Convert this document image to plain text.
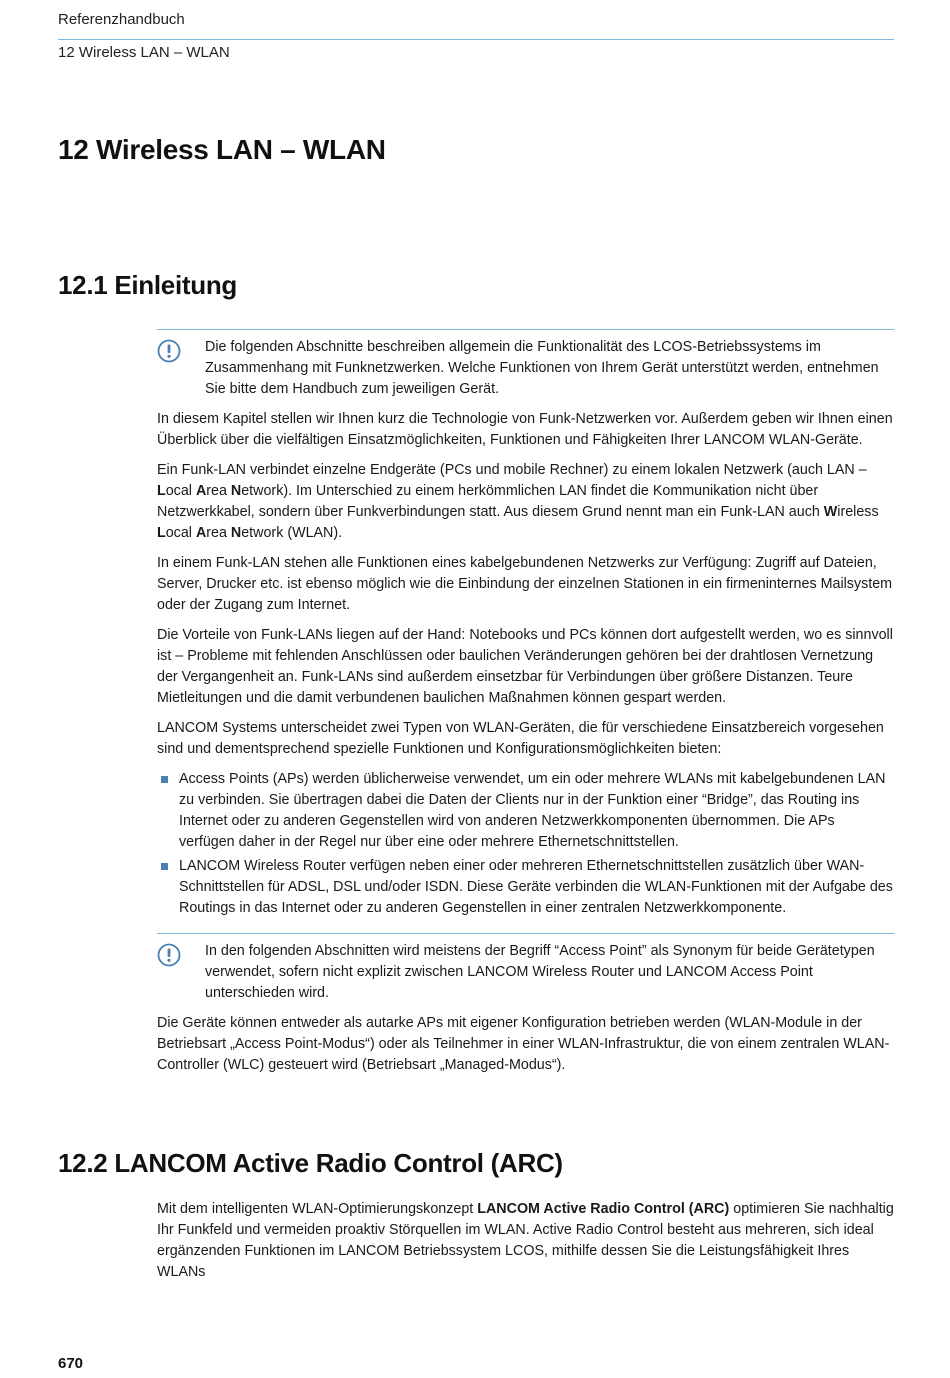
Referenzhandbuch
12 Wireless LAN – WLAN
12 Wireless LAN – WLAN
12.1 Einleitung

Die folgenden Abschnitte beschreiben allgemein die Funktionalität des LCOS-Betriebssystems im Zusammenhang mit Funknetzwerken. Welche Funktionen von Ihrem Gerät unterstützt werden, entnehmen Sie bitte dem Handbuch zum jeweiligen Gerät.

In diesem Kapitel stellen wir Ihnen kurz die Technologie von Funk-Netzwerken vor. Außerdem geben wir Ihnen einen Überblick über die vielfältigen Einsatzmöglichkeiten, Funktionen und Fähigkeiten Ihrer LANCOM WLAN-Geräte.

Ein Funk-LAN verbindet einzelne Endgeräte (PCs und mobile Rechner) zu einem lokalen Netzwerk (auch LAN – Local Area Network). Im Unterschied zu einem herkömmlichen LAN findet die Kommunikation nicht über Netzwerkkabel, sondern über Funkverbindungen statt. Aus diesem Grund nennt man ein Funk-LAN auch Wireless Local Area Network (WLAN).

In einem Funk-LAN stehen alle Funktionen eines kabelgebundenen Netzwerks zur Verfügung: Zugriff auf Dateien, Server, Drucker etc. ist ebenso möglich wie die Einbindung der einzelnen Stationen in ein firmeninternes Mailsystem oder der Zugang zum Internet.

Die Vorteile von Funk-LANs liegen auf der Hand: Notebooks und PCs können dort aufgestellt werden, wo es sinnvoll ist – Probleme mit fehlenden Anschlüssen oder baulichen Veränderungen gehören bei der drahtlosen Vernetzung der Vergangenheit an. Funk-LANs sind außerdem einsetzbar für Verbindungen über größere Distanzen. Teure Mietleitungen und die damit verbundenen baulichen Maßnahmen können gespart werden.

LANCOM Systems unterscheidet zwei Typen von WLAN-Geräten, die für verschiedene Einsatzbereich vorgesehen sind und dementsprechend spezielle Funktionen und Konfigurationsmöglichkeiten bieten:

Access Points (APs) werden üblicherweise verwendet, um ein oder mehrere WLANs mit kabelgebundenen LAN zu verbinden. Sie übertragen dabei die Daten der Clients nur in der Funktion einer “Bridge”, das Routing ins Internet oder zu anderen Gegenstellen wird von anderen Netzwerkkomponenten übernommen. Die APs verfügen daher in der Regel nur über eine oder mehrere Ethernetschnittstellen.
LANCOM Wireless Router verfügen neben einer oder mehreren Ethernetschnittstellen zusätzlich über WAN-Schnittstellen für ADSL, DSL und/oder ISDN. Diese Geräte verbinden die WLAN-Funktionen mit der Aufgabe des Routings in das Internet oder zu anderen Gegenstellen in einer zentralen Netzwerkkomponente.

In den folgenden Abschnitten wird meistens der Begriff “Access Point” als Synonym für beide Gerätetypen verwendet, sofern nicht explizit zwischen LANCOM Wireless Router und LANCOM Access Point unterschieden wird.

Die Geräte können entweder als autarke APs mit eigener Konfiguration betrieben werden (WLAN-Module in der Betriebsart „Access Point-Modus“) oder als Teilnehmer in einer WLAN-Infrastruktur, die von einem zentralen WLAN-Controller (WLC) gesteuert wird (Betriebsart „Managed-Modus“).

12.2 LANCOM Active Radio Control (ARC)

Mit dem intelligenten WLAN-Optimierungskonzept LANCOM Active Radio Control (ARC) optimieren Sie nachhaltig Ihr Funkfeld und vermeiden proaktiv Störquellen im WLAN. Active Radio Control besteht aus mehreren, sich ideal ergänzenden Funktionen im LANCOM Betriebssystem LCOS, mithilfe dessen Sie die Leistungsfähigkeit Ihres WLANs

670
